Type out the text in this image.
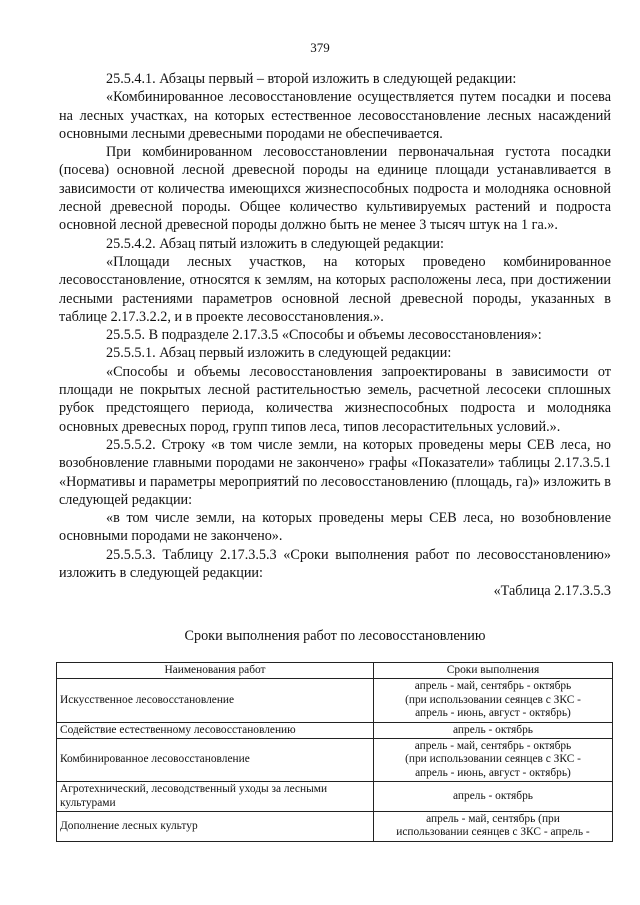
379

25.5.4.1. Абзацы первый – второй изложить в следующей редакции:

«Комбинированное лесовосстановление осуществляется путем посадки и посева на лесных участках, на которых естественное лесовосстановление лесных насаждений основными лесными древесными породами не обеспечивается.

При комбинированном лесовосстановлении первоначальная густота посадки (посева) основной лесной древесной породы на единице площади устанавливается в зависимости от количества имеющихся жизнеспособных подроста и молодняка основной лесной древесной породы. Общее количество культивируемых растений и подроста основной лесной древесной породы должно быть не менее 3 тысяч штук на 1 га.».

25.5.4.2. Абзац пятый изложить в следующей редакции:

«Площади лесных участков, на которых проведено комбинированное лесовосстановление, относятся к землям, на которых расположены леса, при достижении лесными растениями параметров основной лесной древесной породы, указанных в таблице 2.17.3.2.2, и в проекте лесовосстановления.».

25.5.5. В подразделе 2.17.3.5 «Способы и объемы лесовосстановления»:

25.5.5.1. Абзац первый изложить в следующей редакции:

«Способы и объемы лесовосстановления запроектированы в зависимости от площади не покрытых лесной растительностью земель, расчетной лесосеки сплошных рубок предстоящего периода, количества жизнеспособных подроста и молодняка основных древесных пород, групп типов леса, типов лесорастительных условий.».

25.5.5.2. Строку «в том числе земли, на которых проведены меры СЕВ леса, но возобновление главными породами не закончено» графы «Показатели» таблицы 2.17.3.5.1 «Нормативы и параметры мероприятий по лесовосстановлению (площадь, га)» изложить в следующей редакции:

«в том числе земли, на которых проведены меры СЕВ леса, но возобновление основными породами не закончено».

25.5.5.3. Таблицу 2.17.3.5.3 «Сроки выполнения работ по лесовосстановлению» изложить в следующей редакции:

«Таблица 2.17.3.5.3

Сроки выполнения работ по лесовосстановлению
Наименования работ	Сроки выполнения
Искусственное лесовосстановление	апрель - май, сентябрь - октябрь
(при использовании сеянцев с ЗКС -
апрель - июнь, август - октябрь)

Содействие естественному лесовосстановлению	апрель - октябрь

Комбинированное лесовосстановление	апрель - май, сентябрь - октябрь
(при использовании сеянцев с ЗКС -
апрель - июнь, август - октябрь)

Агротехнический, лесоводственный уходы за лесными культурами	апрель - октябрь

Дополнение лесных культур	апрель - май, сентябрь (при
использовании сеянцев с ЗКС - апрель -
